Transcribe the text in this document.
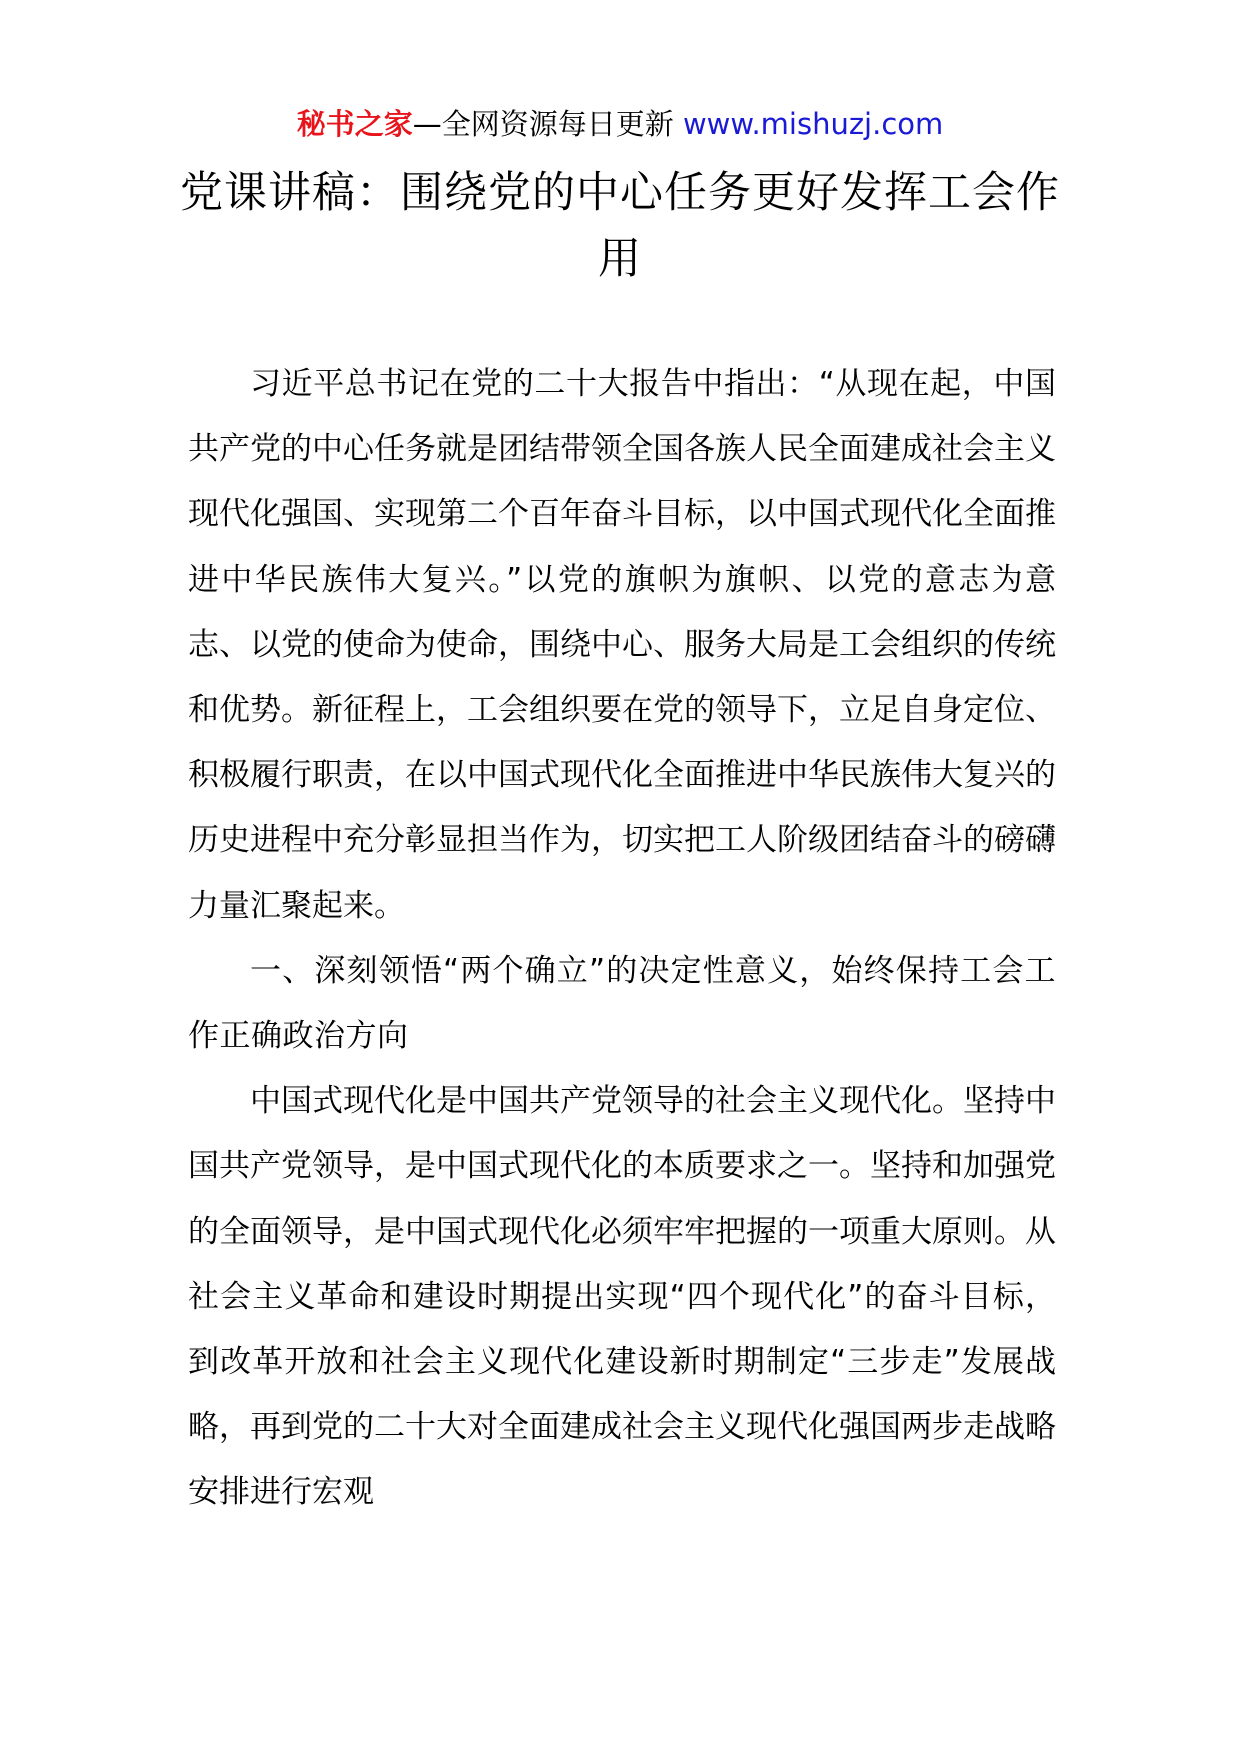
秘书之家—全网资源每日更新 www.mishuzj.com
党课讲稿：围绕党的中心任务更好发挥工会作用

习近平总书记在党的二十大报告中指出：“从现在起，中国共产党的中心任务就是团结带领全国各族人民全面建成社会主义现代化强国、实现第二个百年奋斗目标，以中国式现代化全面推进中华民族伟大复兴。”以党的旗帜为旗帜、以党的意志为意志、以党的使命为使命，围绕中心、服务大局是工会组织的传统和优势。新征程上，工会组织要在党的领导下，立足自身定位、积极履行职责，在以中国式现代化全面推进中华民族伟大复兴的历史进程中充分彰显担当作为，切实把工人阶级团结奋斗的磅礴力量汇聚起来。

一、深刻领悟“两个确立”的决定性意义，始终保持工会工作正确政治方向

中国式现代化是中国共产党领导的社会主义现代化。坚持中国共产党领导，是中国式现代化的本质要求之一。坚持和加强党的全面领导，是中国式现代化必须牢牢把握的一项重大原则。从社会主义革命和建设时期提出实现“四个现代化”的奋斗目标，到改革开放和社会主义现代化建设新时期制定“三步走”发展战略，再到党的二十大对全面建成社会主义现代化强国两步走战略安排进行宏观
